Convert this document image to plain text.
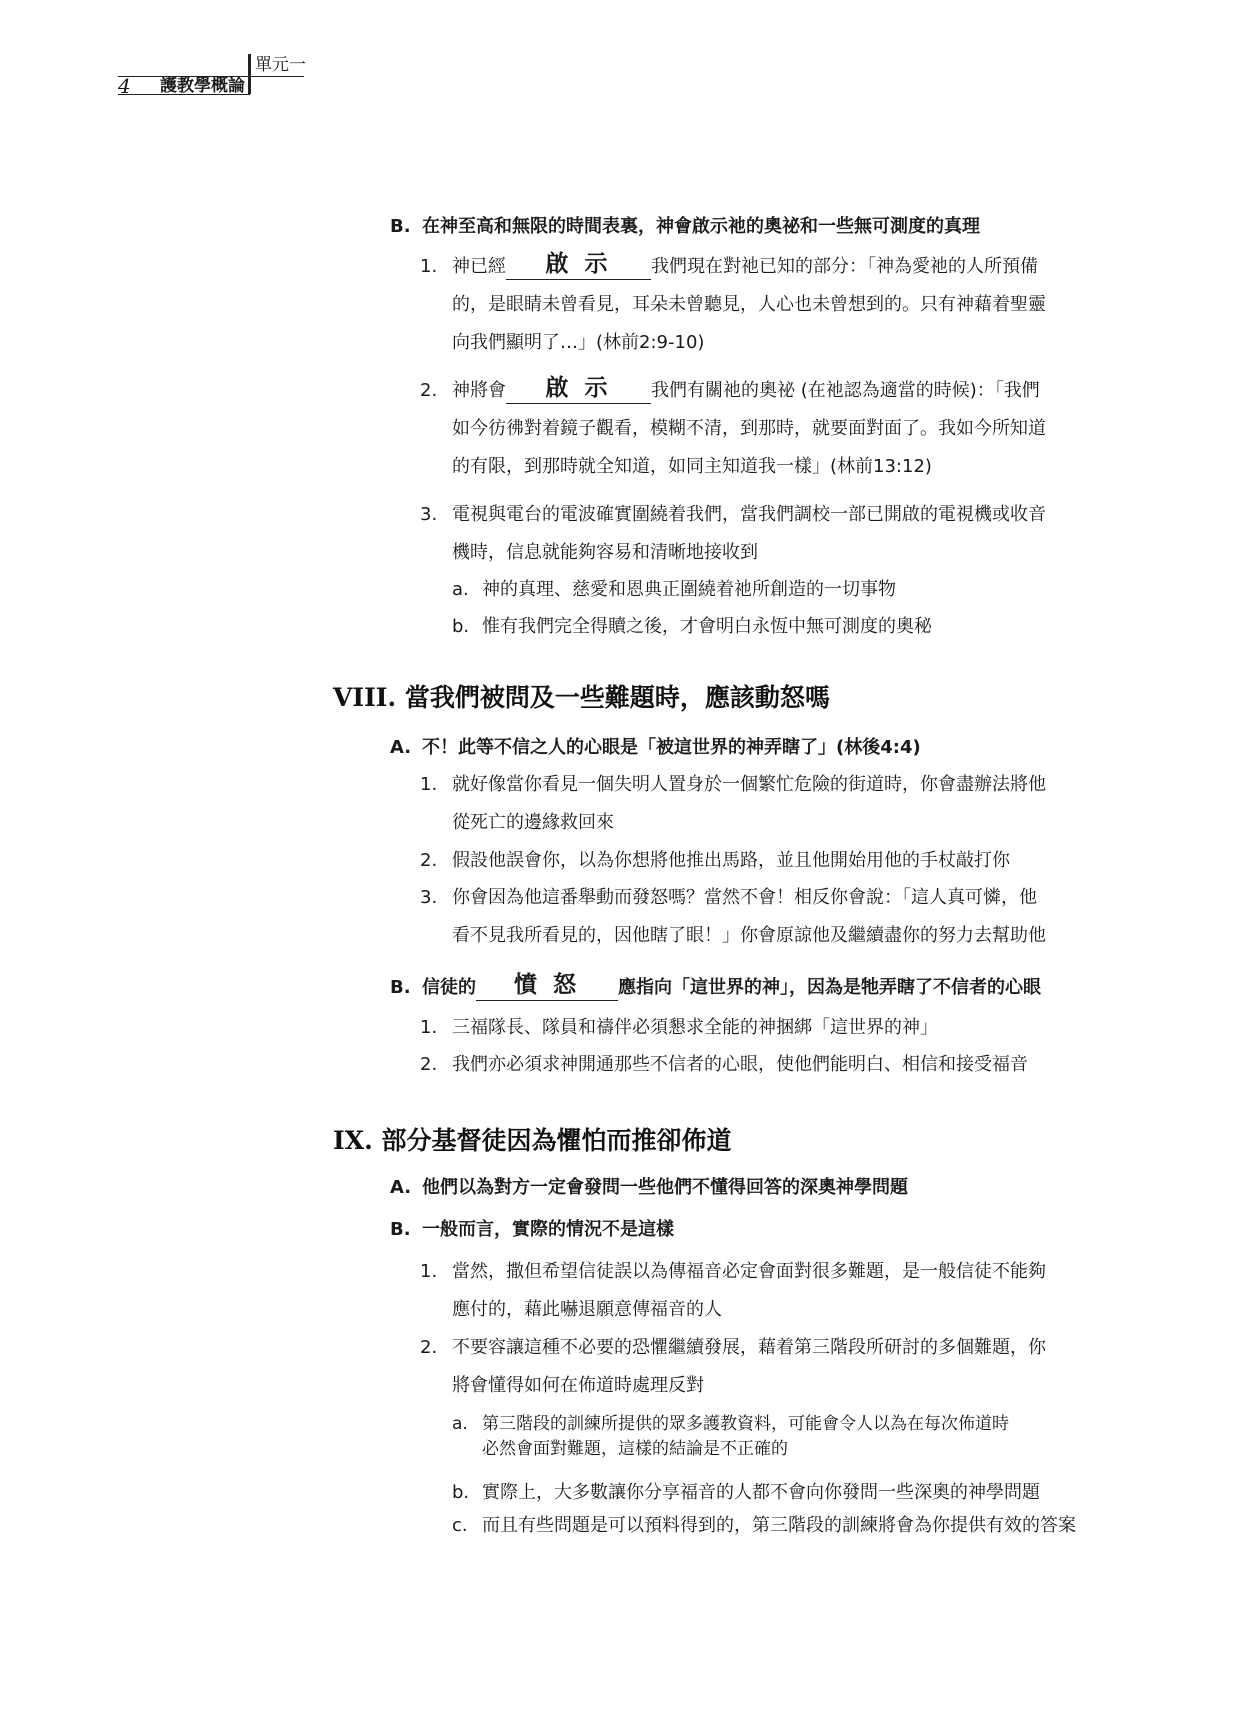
單元一
4 護教學概論
B. 在神至高和無限的時間表裏，神會啟示祂的奧祕和一些無可測度的真理
1. 神已經 啟 示 我們現在對祂已知的部分：「神為愛祂的人所預備
的，是眼睛未曾看見，耳朵未曾聽見，人心也未曾想到的。只有神藉着聖靈
向我們顯明了…」(林前2:9-10)
2. 神將會 啟 示 我們有關祂的奧祕 (在祂認為適當的時候)：「我們
如今彷彿對着鏡子觀看，模糊不清，到那時，就要面對面了。我如今所知道
的有限，到那時就全知道，如同主知道我一樣」(林前13:12)
3. 電視與電台的電波確實圍繞着我們，當我們調校一部已開啟的電視機或收音
機時，信息就能夠容易和清晰地接收到
a. 神的真理、慈愛和恩典正圍繞着祂所創造的一切事物
b. 惟有我們完全得贖之後，才會明白永恆中無可測度的奧秘
VIII. 當我們被問及一些難題時，應該動怒嗎
A. 不！此等不信之人的心眼是「被這世界的神弄瞎了」(林後4:4)
1. 就好像當你看見一個失明人置身於一個繁忙危險的街道時，你會盡辦法將他
從死亡的邊緣救回來
2. 假設他誤會你，以為你想將他推出馬路，並且他開始用他的手杖敲打你
3. 你會因為他這番舉動而發怒嗎？當然不會！相反你會說：「這人真可憐，他
看不見我所看見的，因他瞎了眼！」你會原諒他及繼續盡你的努力去幫助他
B. 信徒的 憤 怒 應指向「這世界的神」，因為是牠弄瞎了不信者的心眼
1. 三福隊長、隊員和禱伴必須懇求全能的神捆綁「這世界的神」
2. 我們亦必須求神開通那些不信者的心眼，使他們能明白、相信和接受福音
IX. 部分基督徒因為懼怕而推卻佈道
A. 他們以為對方一定會發問一些他們不懂得回答的深奧神學問題
B. 一般而言，實際的情況不是這樣
1. 當然，撒但希望信徒誤以為傳福音必定會面對很多難題，是一般信徒不能夠
應付的，藉此嚇退願意傳福音的人
2. 不要容讓這種不必要的恐懼繼續發展，藉着第三階段所研討的多個難題，你
將會懂得如何在佈道時處理反對
a. 第三階段的訓練所提供的眾多護教資料，可能會令人以為在每次佈道時
必然會面對難題，這樣的結論是不正確的
b. 實際上，大多數讓你分享福音的人都不會向你發問一些深奧的神學問題
c. 而且有些問題是可以預料得到的，第三階段的訓練將會為你提供有效的答案
